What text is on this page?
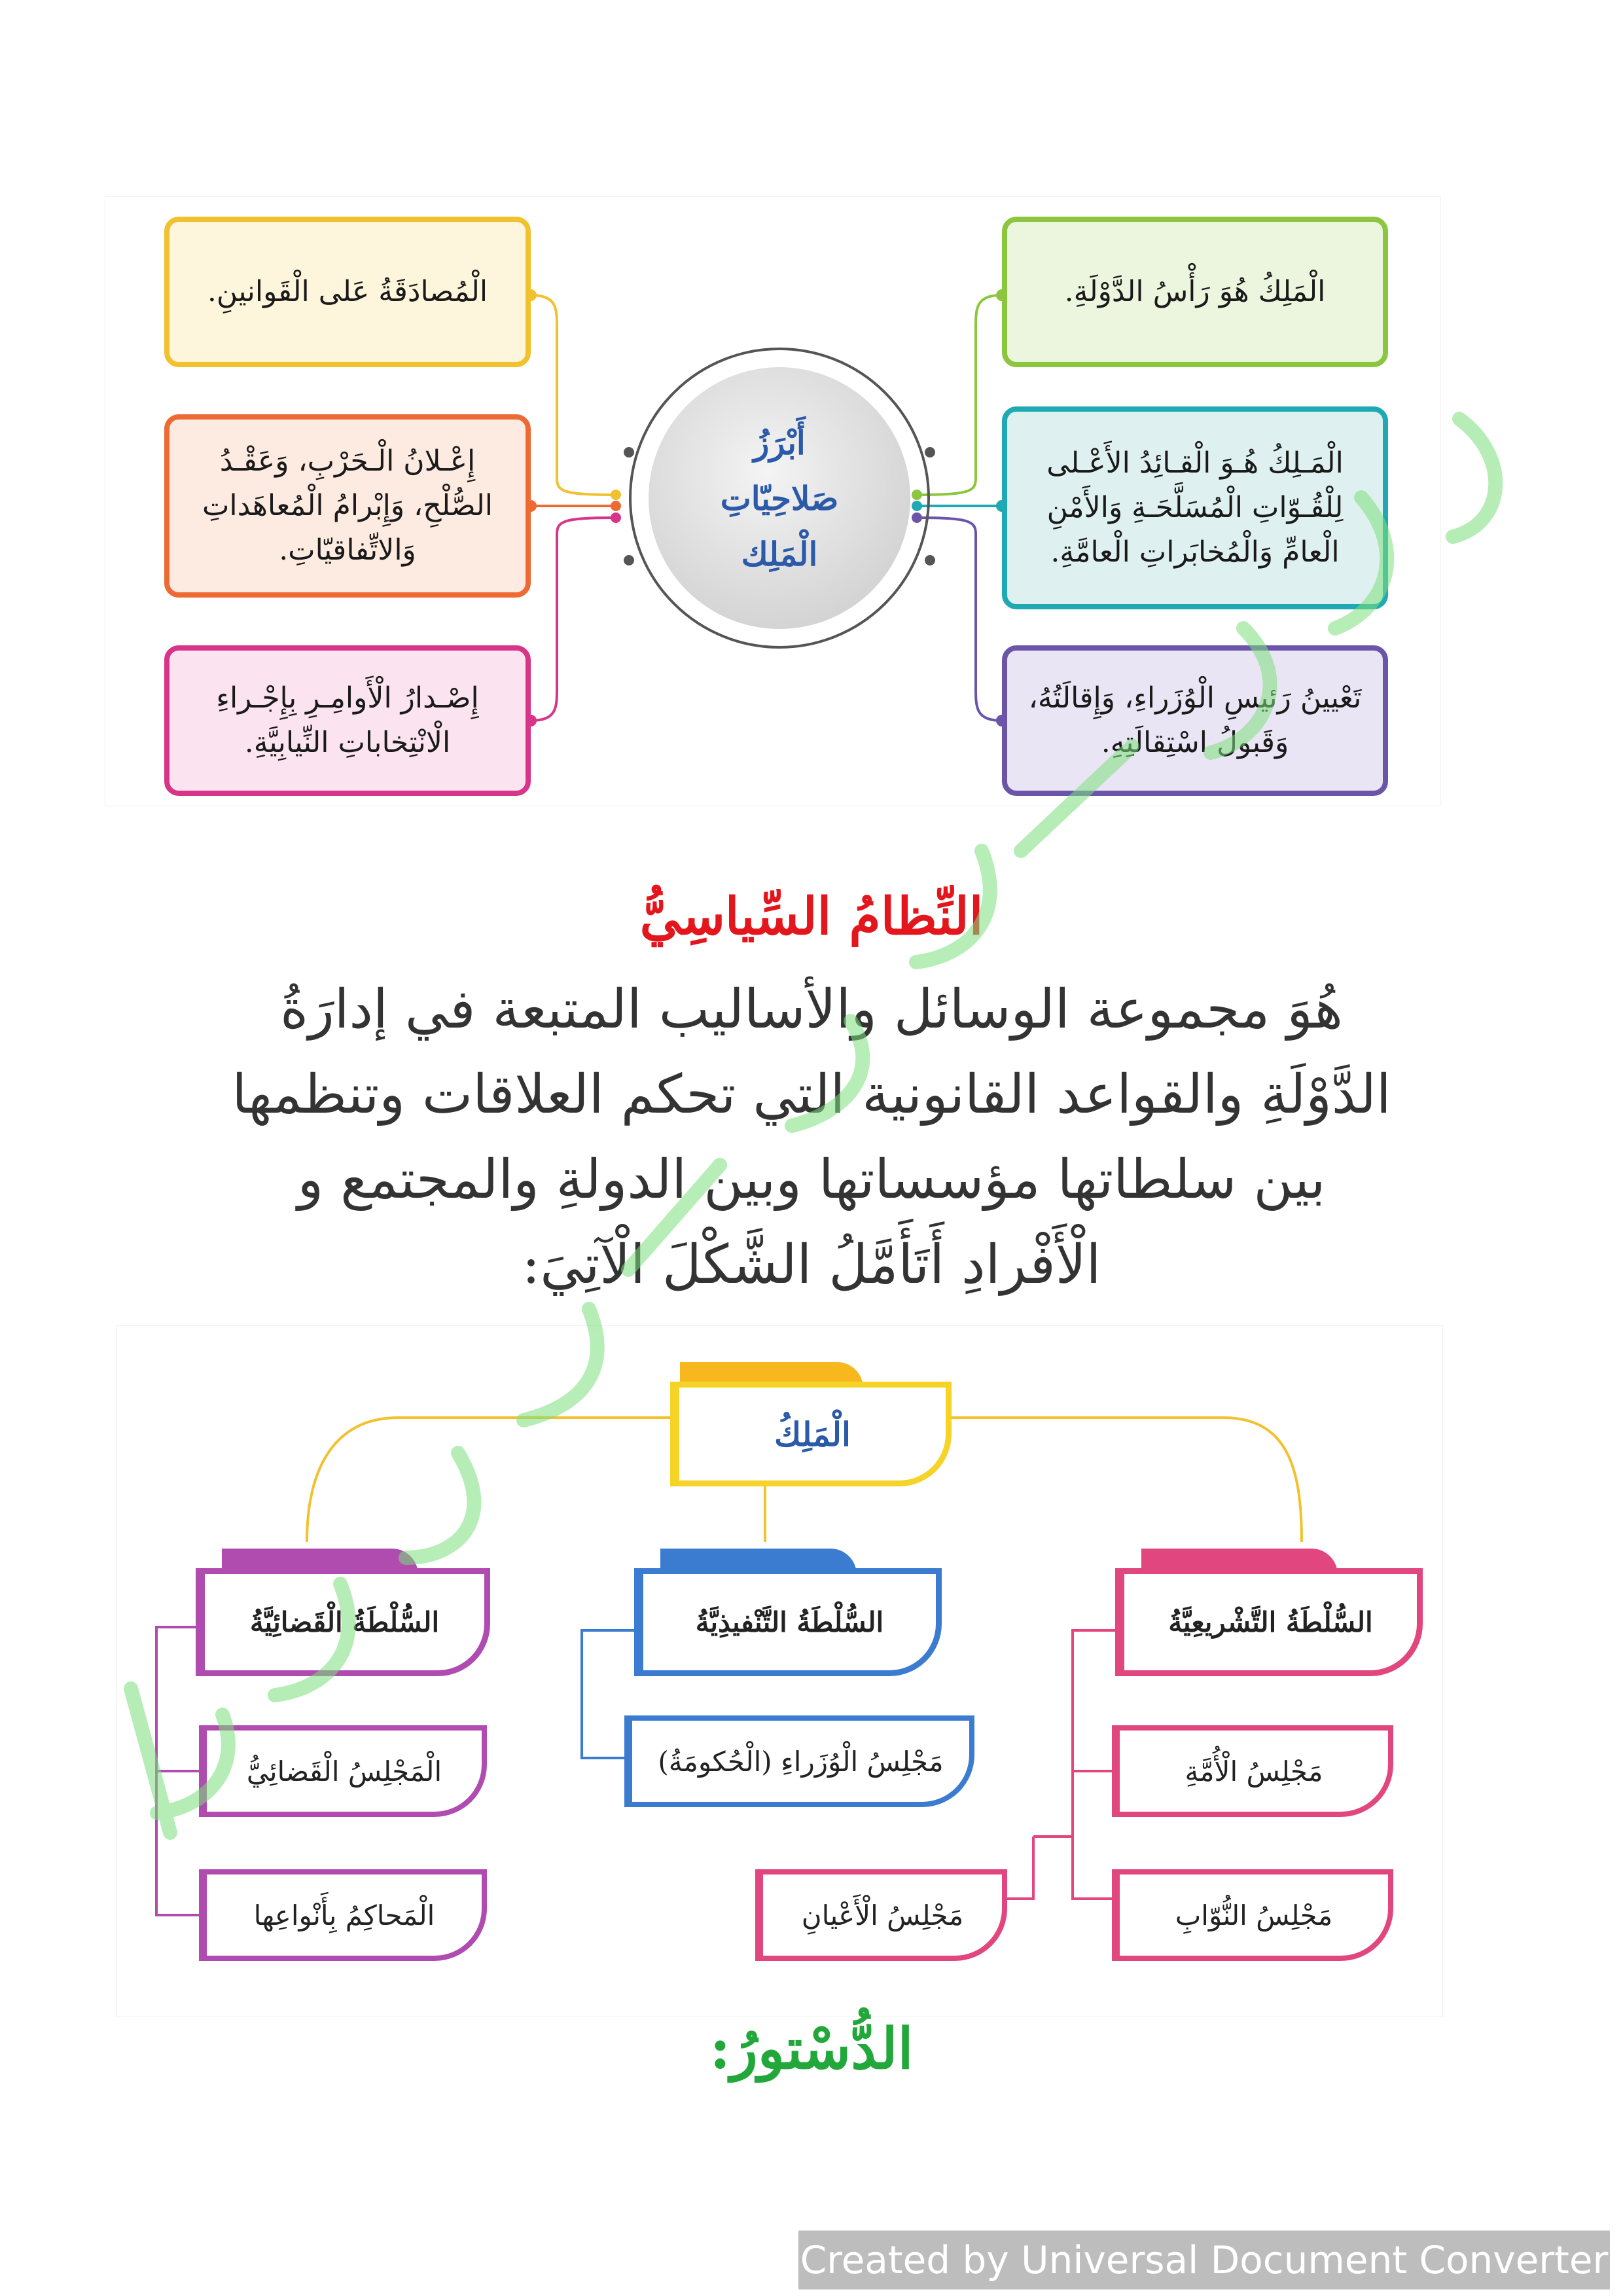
أَبْرَزُ
صَلاحِيّاتِ
الْمَلِك
الْمُصادَقَةُ عَلى الْقَوانينِ.
إِعْـلانُ الْـحَرْبِ، وَعَقْـدُ الصُّلْحِ، وَإِبْرامُ الْمُعاهَداتِ وَالاتِّفاقيّاتِ.
إِصْـدارُ الْأَوامِـرِ بِإِجْـراءِ الْانْتِخاباتِ النِّيابِيَّةِ.
الْمَلِكُ هُوَ رَأْسُ الدَّوْلَةِ.
الْمَـلِكُ هُـوَ الْقـائِدُ الأَعْـلى لِلْقُـوّاتِ الْمُسَلَّحَـةِ وَالأَمْنِ الْعامِّ وَالْمُخابَراتِ الْعامَّةِ.
تَعْيينُ رَئيسِ الْوُزَراءِ، وَإِقالَتُهُ، وَقَبولُ اسْتِقالَتِهِ.
النِّظامُ السِّياسِيُّ
هُوَ مجموعة الوسائل والأساليب المتبعة في إدارَةُ
الدَّوْلَةِ والقواعد القانونية التي تحكم العلاقات وتنظمها
بين سلطاتها مؤسساتها وبين الدولةِ والمجتمع و
الْأَفْرادِ أَتَأَمَّلُ الشَّكْلَ الْآتِيَ:
الْمَلِكُ
السُّلْطَةُ الْقَضائِيَّةُ	السُّلْطَةُ التَّنْفيذِيَّةُ	السُّلْطَةُ التَّشْريعِيَّةُ
الْمَجْلِسُ الْقَضائِيُّ
الْمَحاكِمُ بِأَنْواعِها
مَجْلِسُ الْوُزَراءِ (الْحُكومَةُ)	مَجْلِسُ الْأُمَّةِ
مَجْلِسُ النُّوّابِ
مَجْلِسُ الْأَعْيانِ
الدُّسْتورُ:
Created by Universal Document Converter
